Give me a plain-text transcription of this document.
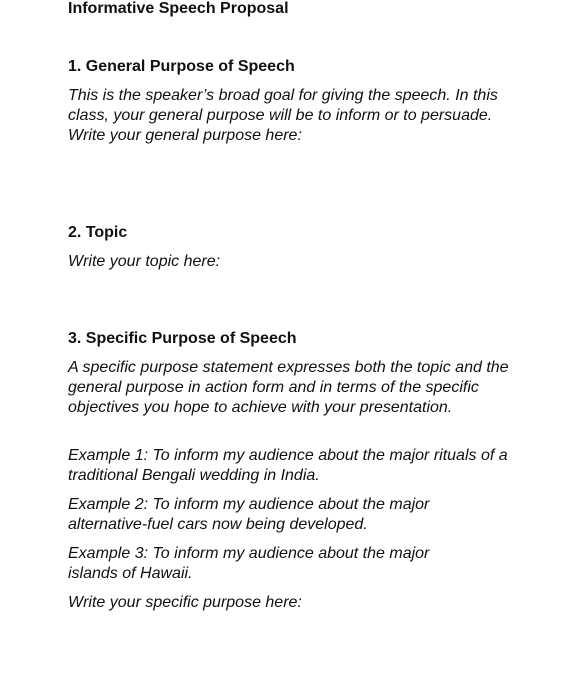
Informative Speech Proposal
1. General Purpose of Speech

This is the speaker’s broad goal for giving the speech. In this class, your general purpose will be to inform or to persuade. Write your general purpose here:

2. Topic

Write your topic here:

3. Specific Purpose of Speech

A specific purpose statement expresses both the topic and the general purpose in action form and in terms of the specific objectives you hope to achieve with your presentation.

Example 1: To inform my audience about the major rituals of a traditional Bengali wedding in India.

Example 2: To inform my audience about the major alternative-fuel cars now being developed.

Example 3: To inform my audience about the major islands of Hawaii.

Write your specific purpose here:
